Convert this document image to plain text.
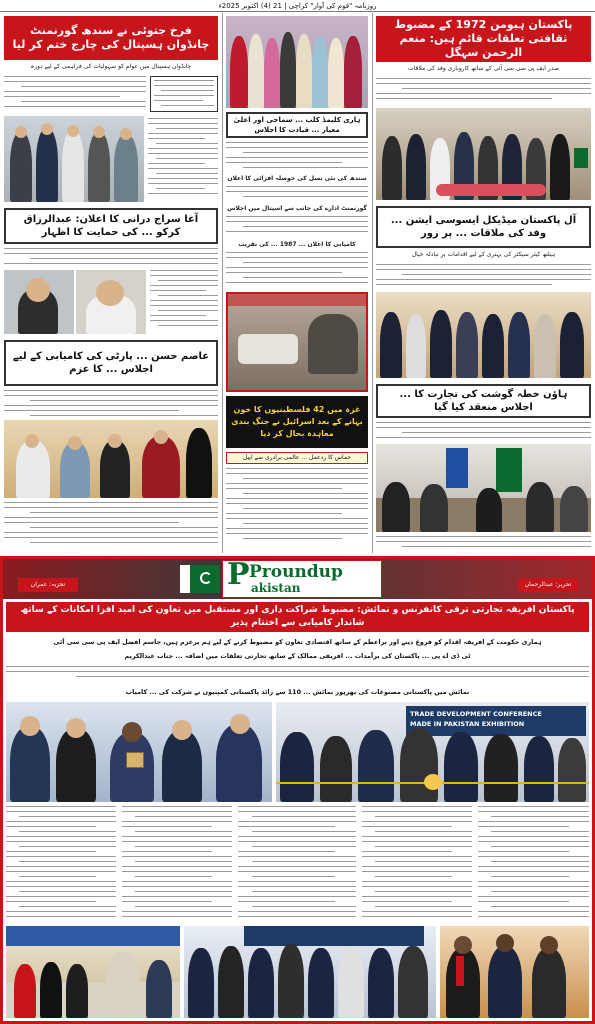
روزنامہ "قوم کی آواز" کراچی | 21 (4) اکتوبر 2025ء
فرخ جتوئی نے سندھ گورنمنٹ چانڈوان ہسپتال کی چارج ختم کر لیا
چانڈوان ہسپتال میں عوام کو سہولیات کی فراہمی کے لیے دورہ
آغا سراج درانی کا اعلان: عبدالرزاق کرکو ... کی حمایت کا اظہار
عاصم حسن ... پارٹی کی کامیابی کے لیے اجلاس ... کا عزم
ہاری کلیمڈ کلب ... سماجی اور اعلیٰ معیار ... قیادت کا اجلاس
سندھ کی نئی نسل کی حوصلہ افزائی کا اعلان
گورنمنٹ ادارے کی جانب سے اسپتال میں اجلاس
کامیابی کا اعلان ... 1987 ... کی تقریب
غزہ میں 42 فلسطینیوں کا خون بہانے کے بعد اسرائیل نے جنگ بندی معاہدہ بحال کر دیا
حماس کا ردعمل ... عالمی برادری سے اپیل
پاکستان ہیومن 1972 کے مضبوط ثقافتی تعلقات قائم ہیں: منعم الرحمن سہگل
صدر ایف پی سی سی آئی کے ساتھ کاروباری وفد کی ملاقات
آل پاکستان میڈیکل ایسوسی ایشن ... وفد کی ملاقات ... پر زور
ہیلتھ کیئر سیکٹر کی بہتری کے لیے اقدامات پر تبادلہ خیال
ہاؤن خطہ گوشت کی تجارت کا ... اجلاس منعقد کیا گیا
P Proundup
akistan
تجزیہ: عمران	تحریر: عبدالرحمان
پاکستان افریقہ تجارتی ترقی کانفرنس و نمائش: مضبوط شراکت داری اور مستقبل میں تعاون کی امید افزا امکانات کے ساتھ شاندار کامیابی سے اختتام پذیر
ہماری حکومت کے افریقہ اقدام کو فروغ دینے اور براعظم کے ساتھ اقتصادی تعاون کو مضبوط کرنے کے لیے ہم پرعزم ہیں، جاسم افضل ایف پی سی سی آئی
ٹی ڈی اے پی ... پاکستان کی برآمدات ... افریقی ممالک کے ساتھ تجارتی تعلقات میں اضافہ ... جناب عبدالکریم
نمائش میں پاکستانی مصنوعات کی بھرپور نمائش ... 110 سے زائد پاکستانی کمپنیوں نے شرکت کی ... کامیاب
TRADE DEVELOPMENT CONFERENCE
MADE IN PAKISTAN EXHIBITION
